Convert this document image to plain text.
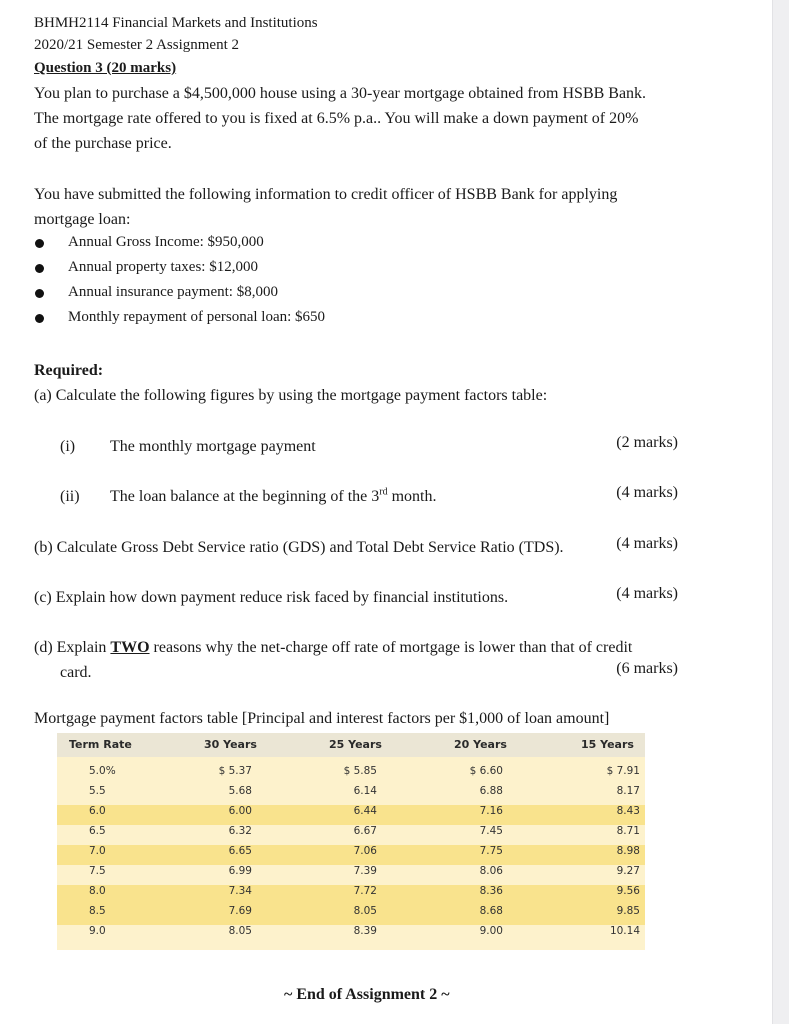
BHMH2114 Financial Markets and Institutions
2020/21 Semester 2 Assignment 2
Question 3 (20 marks)
You plan to purchase a $4,500,000 house using a 30-year mortgage obtained from HSBB Bank.
The mortgage rate offered to you is fixed at 6.5% p.a.. You will make a down payment of 20%
of the purchase price.
You have submitted the following information to credit officer of HSBB Bank for applying
mortgage loan:
Annual Gross Income: $950,000
Annual property taxes: $12,000
Annual insurance payment: $8,000
Monthly repayment of personal loan: $650
Required:
(a) Calculate the following figures by using the mortgage payment factors table:
(i) The monthly mortgage payment	(2 marks)
(ii) The loan balance at the beginning of the 3rd month.	(4 marks)
(b) Calculate Gross Debt Service ratio (GDS) and Total Debt Service Ratio (TDS).	(4 marks)
(c) Explain how down payment reduce risk faced by financial institutions.	(4 marks)
(d) Explain TWO reasons why the net-charge off rate of mortgage is lower than that of credit
card.	(6 marks)
Mortgage payment factors table [Principal and interest factors per $1,000 of loan amount]
Term Rate	30 Years	25 Years	20 Years	15 Years
5.0%	$ 5.37	$ 5.85	$ 6.60	$ 7.91
5.5	5.68	6.14	6.88	8.17
6.0	6.00	6.44	7.16	8.43
6.5	6.32	6.67	7.45	8.71
7.0	6.65	7.06	7.75	8.98
7.5	6.99	7.39	8.06	9.27
8.0	7.34	7.72	8.36	9.56
8.5	7.69	8.05	8.68	9.85
9.0	8.05	8.39	9.00	10.14
~ End of Assignment 2 ~
